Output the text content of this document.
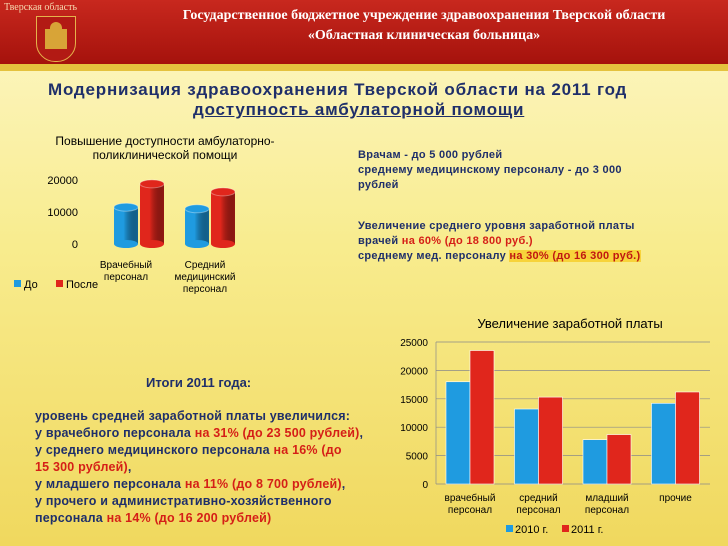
Тверская область
Государственное бюджетное учреждение здравоохранения Тверской области
«Областная клиническая больница»
Модернизация здравоохранения Тверской области на 2011 год
доступность амбулаторной помощи
Повышение доступности амбулаторно-
поликлинической помощи
0
10000
20000
Врачебный
персонал
Средний
медицинский
персонал
До	После
Врачам - до 5 000 рублей
среднему медицинскому персоналу - до 3 000
рублей
Увеличение среднего уровня заработной платы
врачей на 60% (до 18 800 руб.)
среднему мед. персоналу на 30% (до 16 300 руб.)
Увеличение заработной платы
0
5000
10000
15000
20000
25000
врачебный
персонал
средний
персонал
младший
персонал
прочие
2010 г. 2011 г.
Итоги 2011 года:
уровень средней заработной платы увеличился:
у врачебного персонала на 31% (до 23 500 рублей),
у среднего медицинского персонала на 16% (до
15 300 рублей),
у младшего персонала на 11% (до 8 700 рублей),
у прочего и административно-хозяйственного
персонала на 14% (до 16 200 рублей)
